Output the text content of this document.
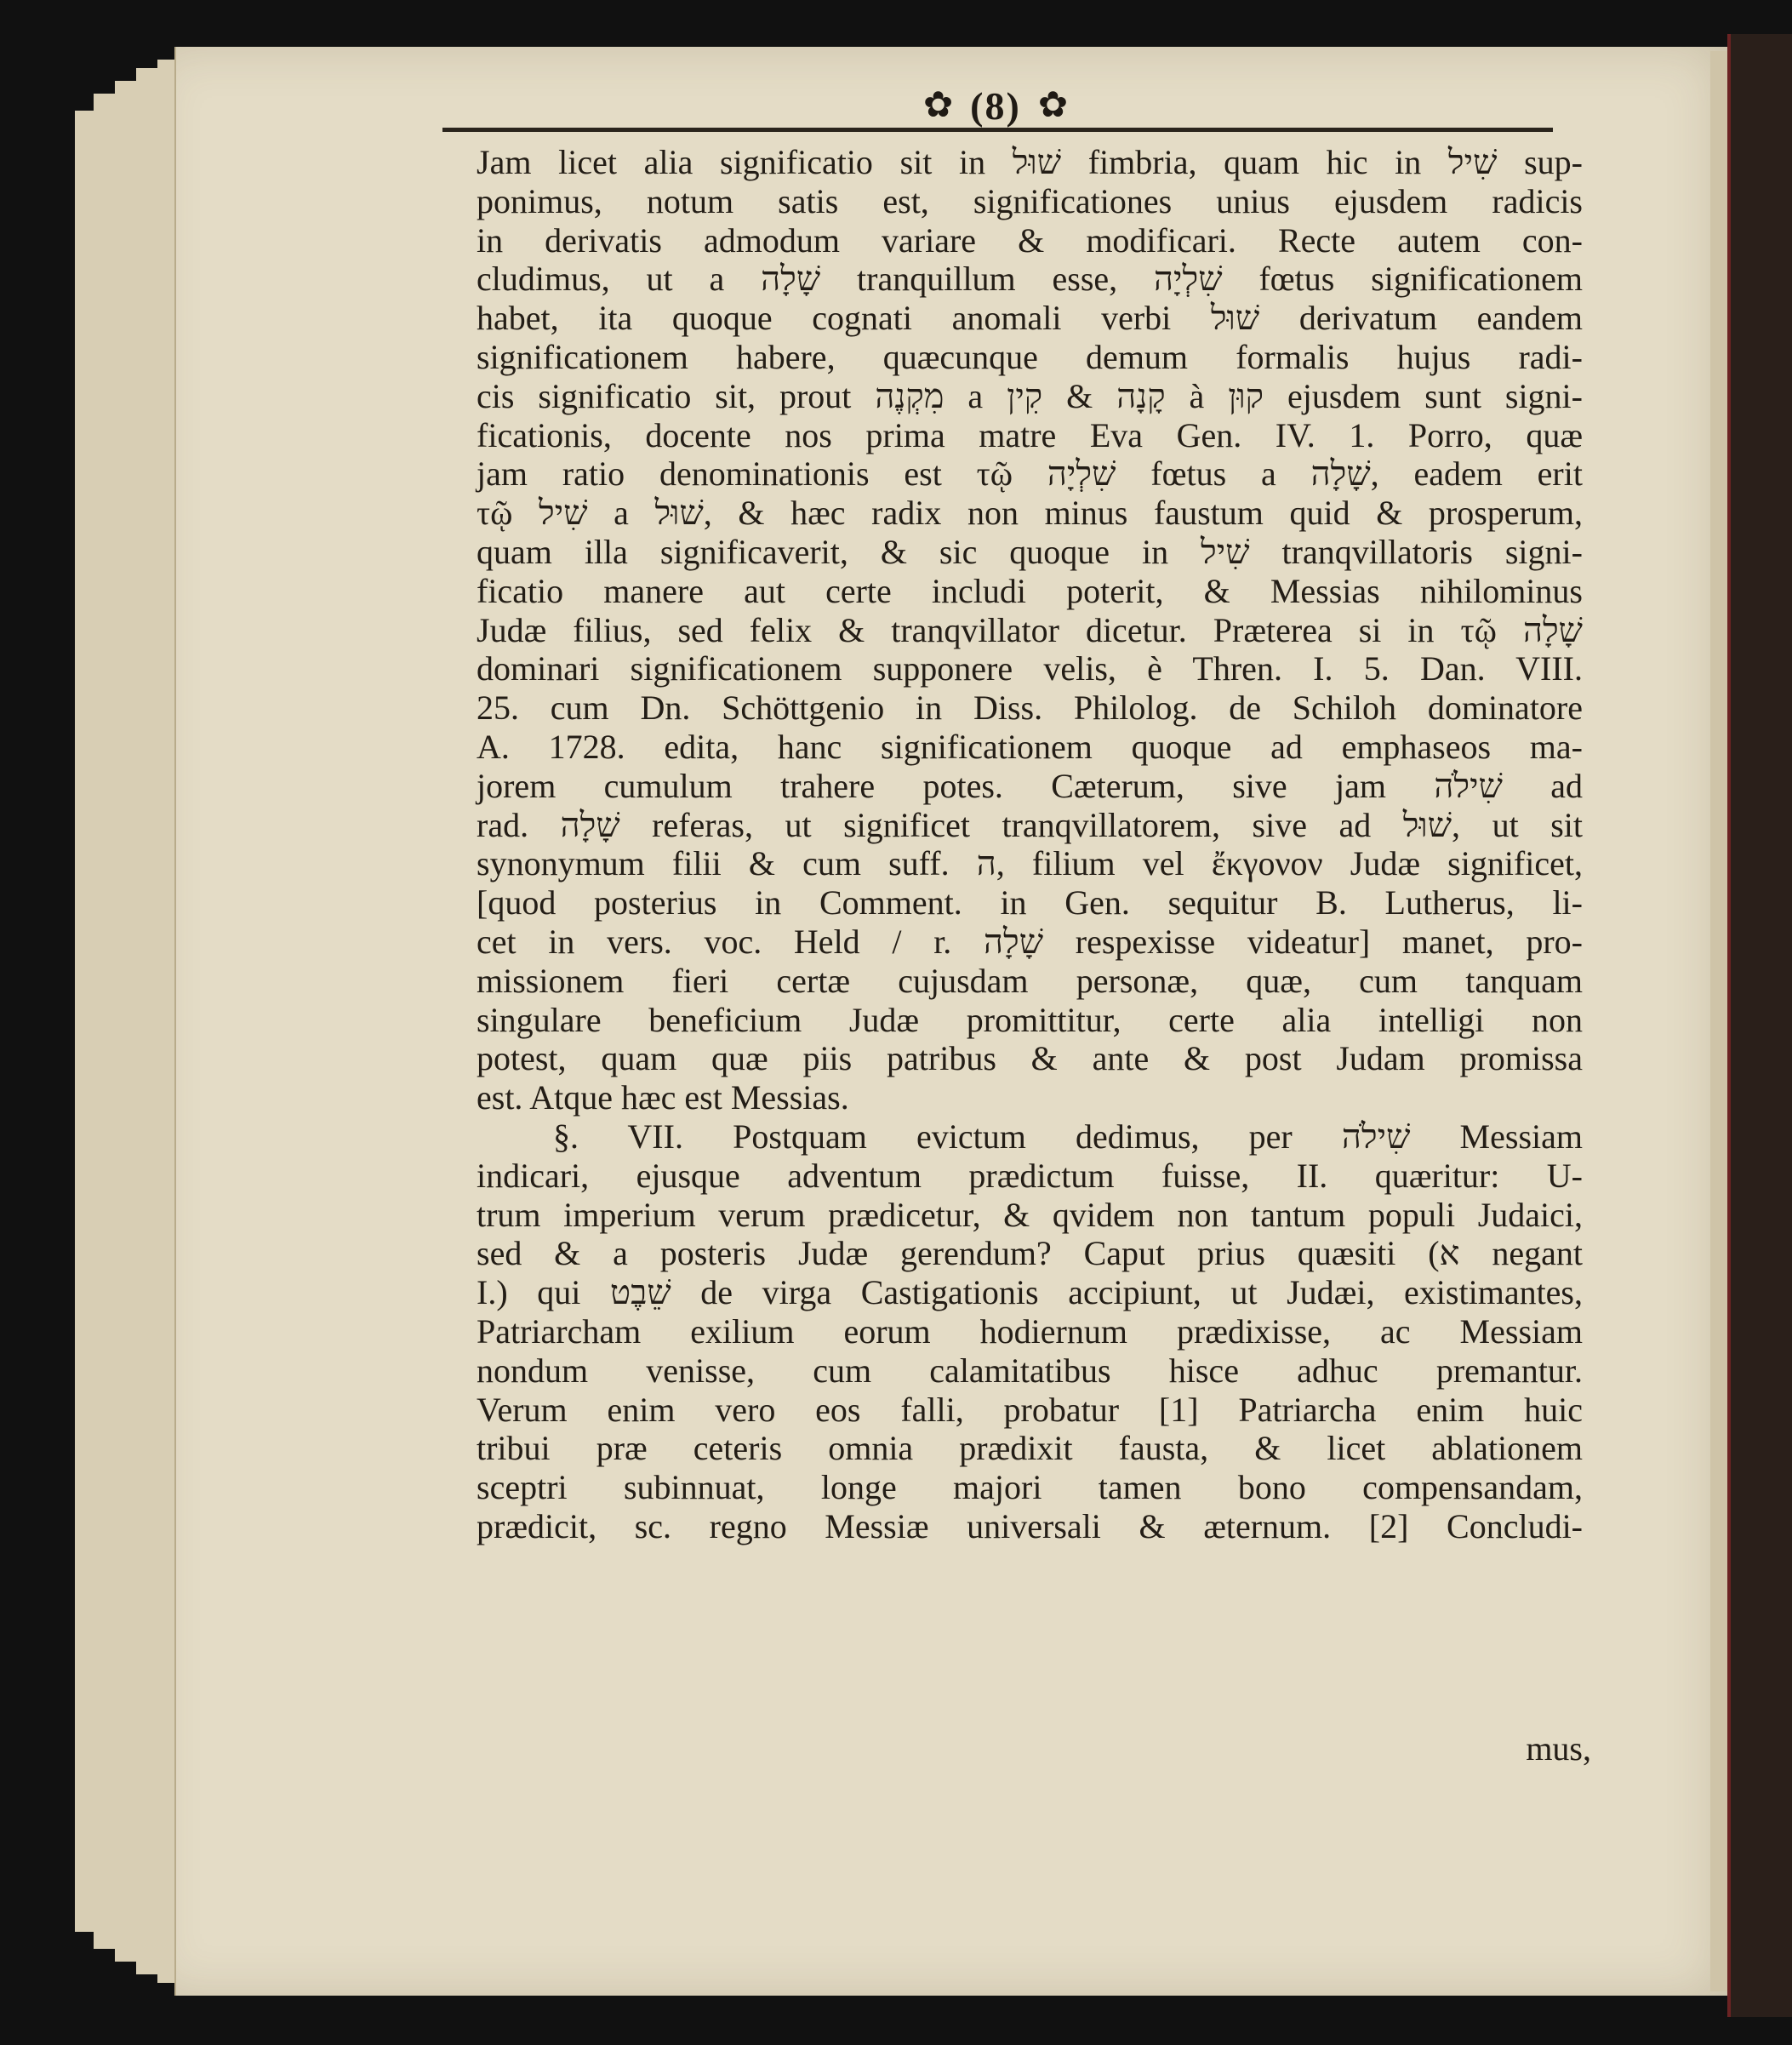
✿ (8) ✿
Jam licet alia significatio sit in שׁוּל fimbria, quam hic in שִׁיל sup-
ponimus, notum satis est, significationes unius ejusdem radicis
in derivatis admodum variare & modificari. Recte autem con-
cludimus, ut a שָׁלָה tranquillum esse, שִׁלְיָה fœtus significationem
habet, ita quoque cognati anomali verbi שׁוּל derivatum eandem
significationem habere, quæcunque demum formalis hujus radi-
cis significatio sit, prout מִקְנֶה a קָנָה & קִין à קוּן ejusdem sunt signi-
ficationis, docente nos prima matre Eva Gen. IV. 1. Porro, quæ
jam ratio denominationis est τῷ שִׁלְיָה fœtus a שָׁלָה, eadem erit
τῷ שִׁיל a שׁוּל, & hæc radix non minus faustum quid & prosperum,
quam illa significaverit, & sic quoque in שִׁיל tranqvillatoris signi-
ficatio manere aut certe includi poterit, & Messias nihilominus
Judæ filius, sed felix & tranqvillator dicetur. Præterea si in τῷ שָׁלָה
dominari significationem supponere velis, è Thren. I. 5. Dan. VIII.
25. cum Dn. Schöttgenio in Diss. Philolog. de Schiloh dominatore
A. 1728. edita, hanc significationem quoque ad emphaseos ma-
jorem cumulum trahere potes. Cæterum, sive jam שִׁילֹה ad
rad. שָׁלָה referas, ut significet tranqvillatorem, sive ad שׁוּל, ut sit
synonymum filii & cum suff. ה, filium vel ἔκγονον Judæ significet,
[quod posterius in Comment. in Gen. sequitur B. Lutherus, li-
cet in vers. voc. Held / r. שָׁלָה respexisse videatur] manet, pro-
missionem fieri certæ cujusdam personæ, quæ, cum tanquam
singulare beneficium Judæ promittitur, certe alia intelligi non
potest, quam quæ piis patribus & ante & post Judam promissa
est. Atque hæc est Messias.
§. VII. Postquam evictum dedimus, per שִׁילֹה Messiam
indicari, ejusque adventum prædictum fuisse, II. quæritur: U-
trum imperium verum prædicetur, & qvidem non tantum populi Judaici,
sed & a posteris Judæ gerendum? Caput prius quæsiti (א negant
I.) qui שֵׁבֶט de virga Castigationis accipiunt, ut Judæi, existimantes,
Patriarcham exilium eorum hodiernum prædixisse, ac Messiam
nondum venisse, cum calamitatibus hisce adhuc premantur.
Verum enim vero eos falli, probatur [1] Patriarcha enim huic
tribui præ ceteris omnia prædixit fausta, & licet ablationem
sceptri subinnuat, longe majori tamen bono compensandam,
prædicit, sc. regno Messiæ universali & æternum. [2] Concludi-
mus,
